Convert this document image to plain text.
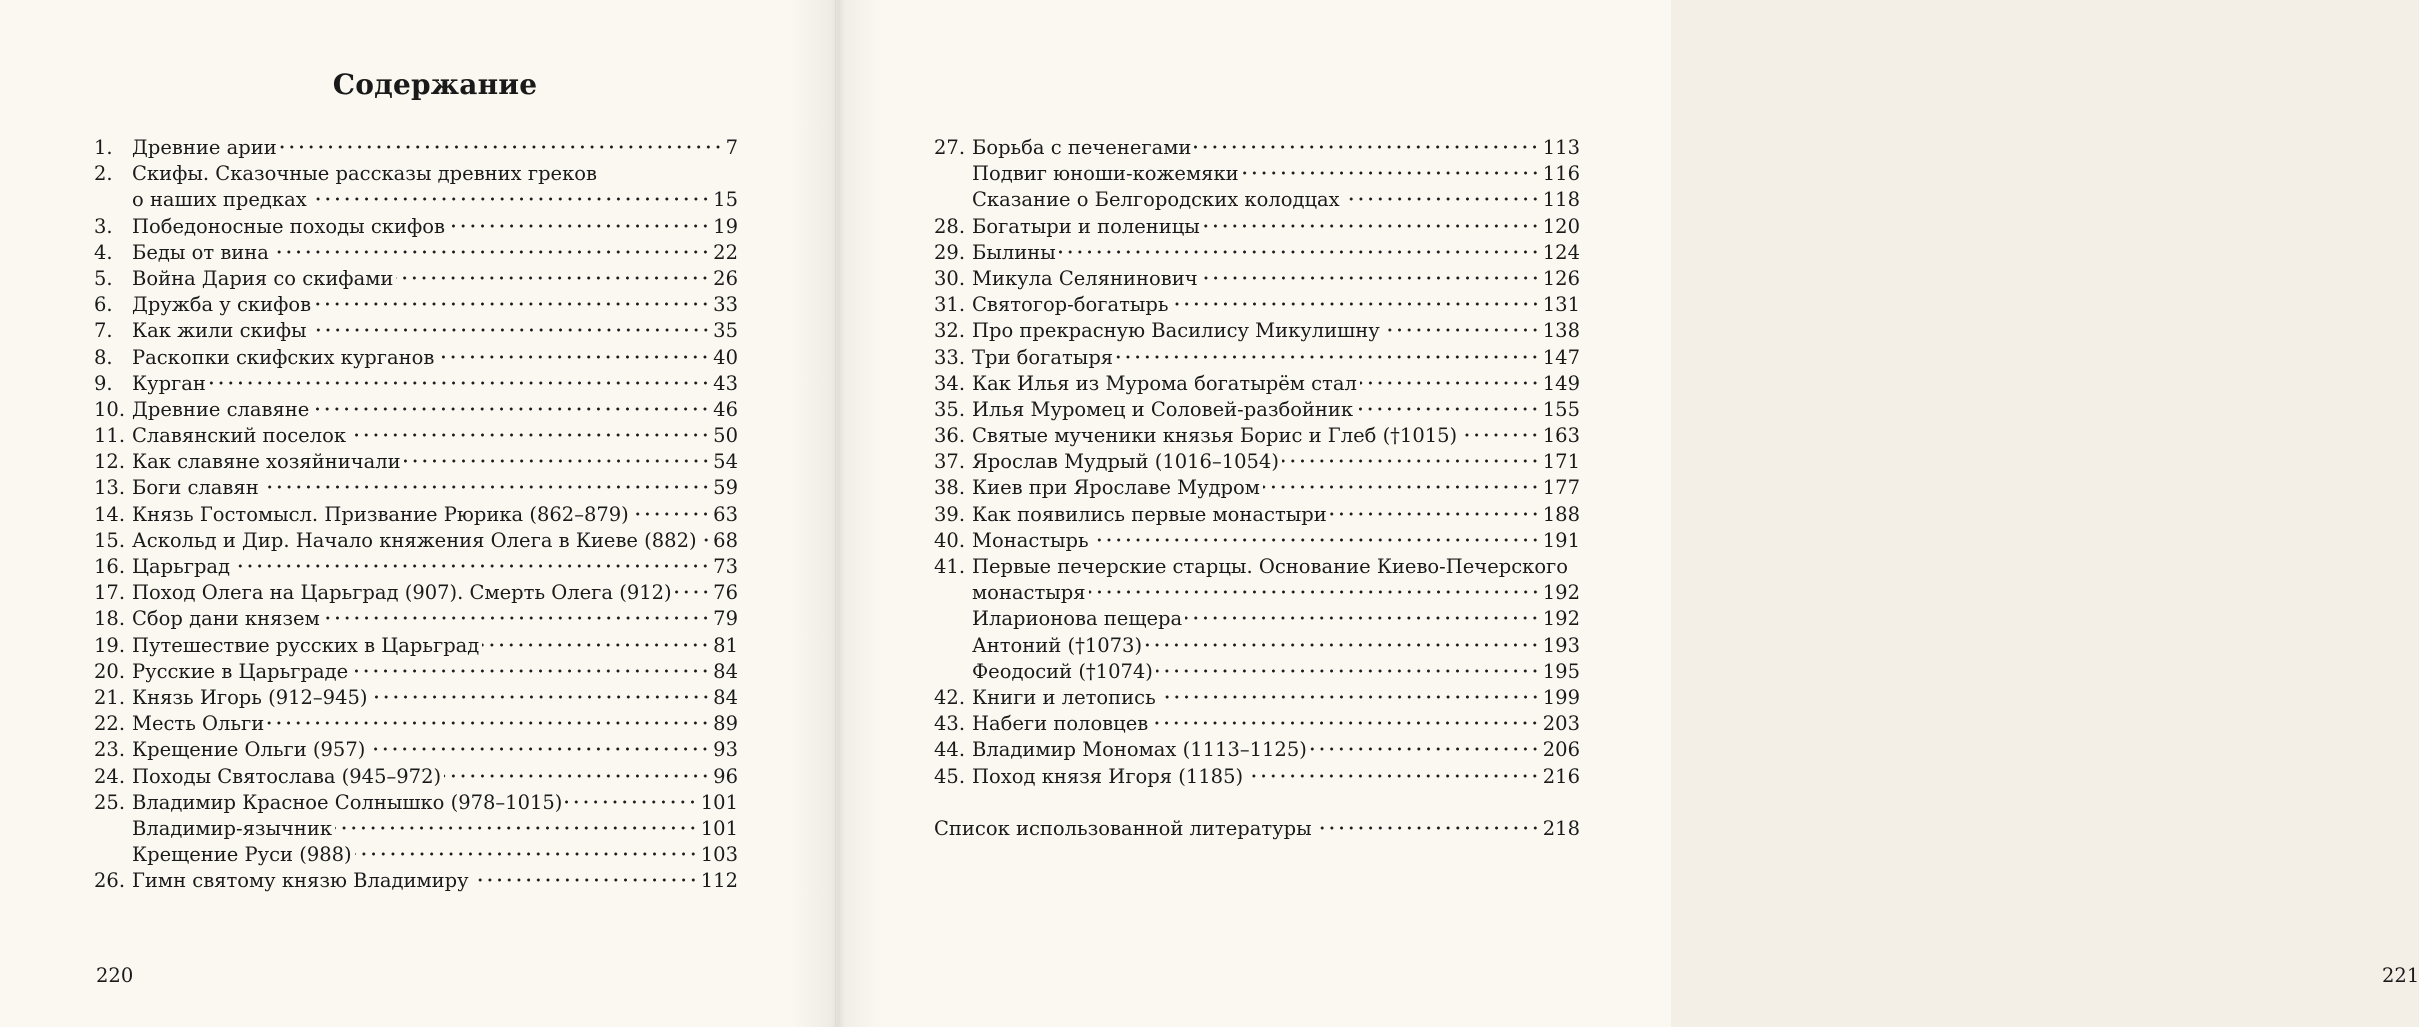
Содержание
1. Древние арии	7
2. Скифы. Сказочные рассказы древних греков
о наших предках	15
3. Победоносные походы скифов	19
4. Беды от вина	22
5. Война Дария со скифами	26
6. Дружба у скифов	33
7. Как жили скифы	35
8. Раскопки скифских курганов	40
9. Курган	43
10. Древние славяне	46
11. Славянский поселок	50
12. Как славяне хозяйничали	54
13. Боги славян	59
14. Князь Гостомысл. Призвание Рюрика (862–879)	63
15. Аскольд и Дир. Начало княжения Олега в Киеве (882) 68
16. Царьград	73
17. Поход Олега на Царьград (907). Смерть Олега (912) 76
18. Сбор дани князем	79
19. Путешествие русских в Царьград	81
20. Русские в Царьграде	84
21. Князь Игорь (912–945)	84
22. Месть Ольги	89
23. Крещение Ольги (957)	93
24. Походы Святослава (945–972)	96
25. Владимир Красное Солнышко (978–1015)	101
Владимир-язычник	101
Крещение Руси (988)	103
26. Гимн святому князю Владимиру	112
220	221
27. Борьба с печенегами	113
Подвиг юноши-кожемяки	116
Сказание о Белгородских колодцах	118
28. Богатыри и поленицы	120
29. Былины	124
30. Микула Селянинович	126
31. Святогор-богатырь	131
32. Про прекрасную Василису Микулишну	138
33. Три богатыря	147
34. Как Илья из Мурома богатырём стал	149
35. Илья Муромец и Соловей-разбойник	155
36. Святые мученики князья Борис и Глеб (†1015)	163
37. Ярослав Мудрый (1016–1054)	171
38. Киев при Ярославе Мудром	177
39. Как появились первые монастыри	188
40. Монастырь	191
41. Первые печерские старцы. Основание Киево-Печерского
монастыря	192
Иларионова пещера	192
Антоний (†1073)	193
Феодосий (†1074)	195
42. Книги и летопись	199
43. Набеги половцев	203
44. Владимир Мономах (1113–1125)	206
45. Поход князя Игоря (1185)	216
Список использованной литературы	218
